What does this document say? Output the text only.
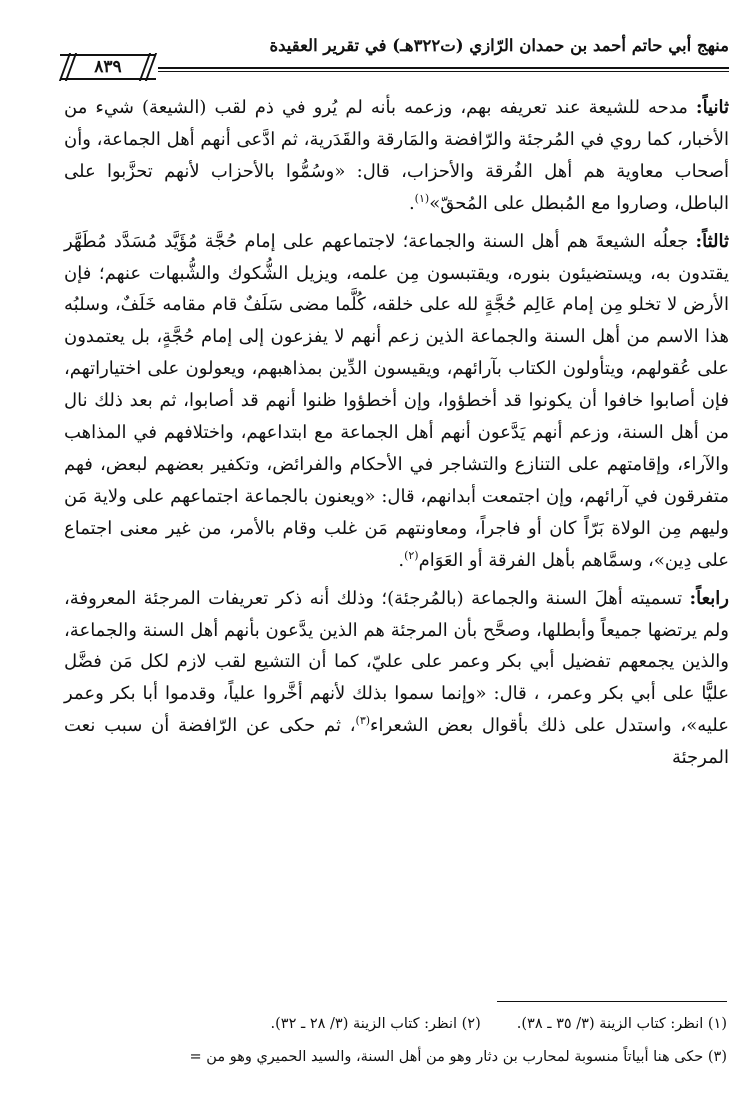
منهج أبي حاتم أحمد بن حمدان الرّازي (ت٣٢٢هـ) في تقرير العقيدة
٨٣٩

ثانياً: مدحه للشيعة عند تعريفه بهم، وزعمه بأنه لم يُرو في ذم لقب (الشيعة) شيء من الأخبار، كما روي في المُرجئة والرّافضة والمَارقة والقَدَرية، ثم ادَّعى أنهم أهل الجماعة، وأن أصحاب معاوية هم أهل الفُرقة والأحزاب، قال: «وسُمُّوا بالأحزاب لأنهم تحزَّبوا على الباطل، وصاروا مع المُبطل على المُحقّ»$^{(١)}$.

ثالثاً: جعلُه الشيعةَ هم أهل السنة والجماعة؛ لاجتماعهم على إمام حُجَّة مُؤَيَّد مُسَدَّد مُطَهَّر يقتدون به، ويستضيئون بنوره، ويقتبسون مِن علمه، ويزيل الشُّكوك والشُّبهات عنهم؛ فإن الأرض لا تخلو مِن إمام عَالِم حُجَّةٍ لله على خلقه، كُلَّما مضى سَلَفٌ قام مقامه خَلَفٌ، وسلبُه هذا الاسم من أهل السنة والجماعة الذين زعم أنهم لا يفزعون إلى إمام حُجَّةٍ، بل يعتمدون على عُقولهم، ويتأولون الكتاب بآرائهم، ويقيسون الدِّين بمذاهبهم، ويعولون على اختياراتهم، فإن أصابوا خافوا أن يكونوا قد أخطؤوا، وإن أخطؤوا ظنوا أنهم قد أصابوا، ثم بعد ذلك نال من أهل السنة، وزعم أنهم يَدَّعون أنهم أهل الجماعة مع ابتداعهم، واختلافهم في المذاهب والآراء، وإقامتهم على التنازع والتشاجر في الأحكام والفرائض، وتكفير بعضهم لبعض، فهم متفرقون في آرائهم، وإن اجتمعت أبدانهم، قال: «ويعنون بالجماعة اجتماعهم على ولاية مَن وليهم مِن الولاة بَرّاً كان أو فاجراً، ومعاونتهم مَن غلب وقام بالأمر، من غير معنى اجتماع على دِين»، وسمَّاهم بأهل الفرقة أو العَوَام$^{(٢)}$.

رابعاً: تسميته أهلَ السنة والجماعة (بالمُرجئة)؛ وذلك أنه ذكر تعريفات المرجئة المعروفة، ولم يرتضها جميعاً وأبطلها، وصحَّح بأن المرجئة هم الذين يدَّعون بأنهم أهل السنة والجماعة، والذين يجمعهم تفضيل أبي بكر وعمر على عليّ، كما أن التشيع لقب لازم لكل مَن فضَّل عليًّا على أبي بكر وعمر، ، قال: «وإنما سموا بذلك لأنهم أخَّروا علياً، وقدموا أبا بكر وعمر عليه»، واستدل على ذلك بأقوال بعض الشعراء$^{(٣)}$، ثم حكى عن الرّافضة أن سبب نعت المرجئة

(١) انظر: كتاب الزينة (٣/ ٣٥ ـ ٣٨).(٢) انظر: كتاب الزينة (٣/ ٢٨ ـ ٣٢).
(٣) حكى هنا أبياتاً منسوبة لمحارب بن دثار وهو من أهل السنة، والسيد الحميري وهو من =
